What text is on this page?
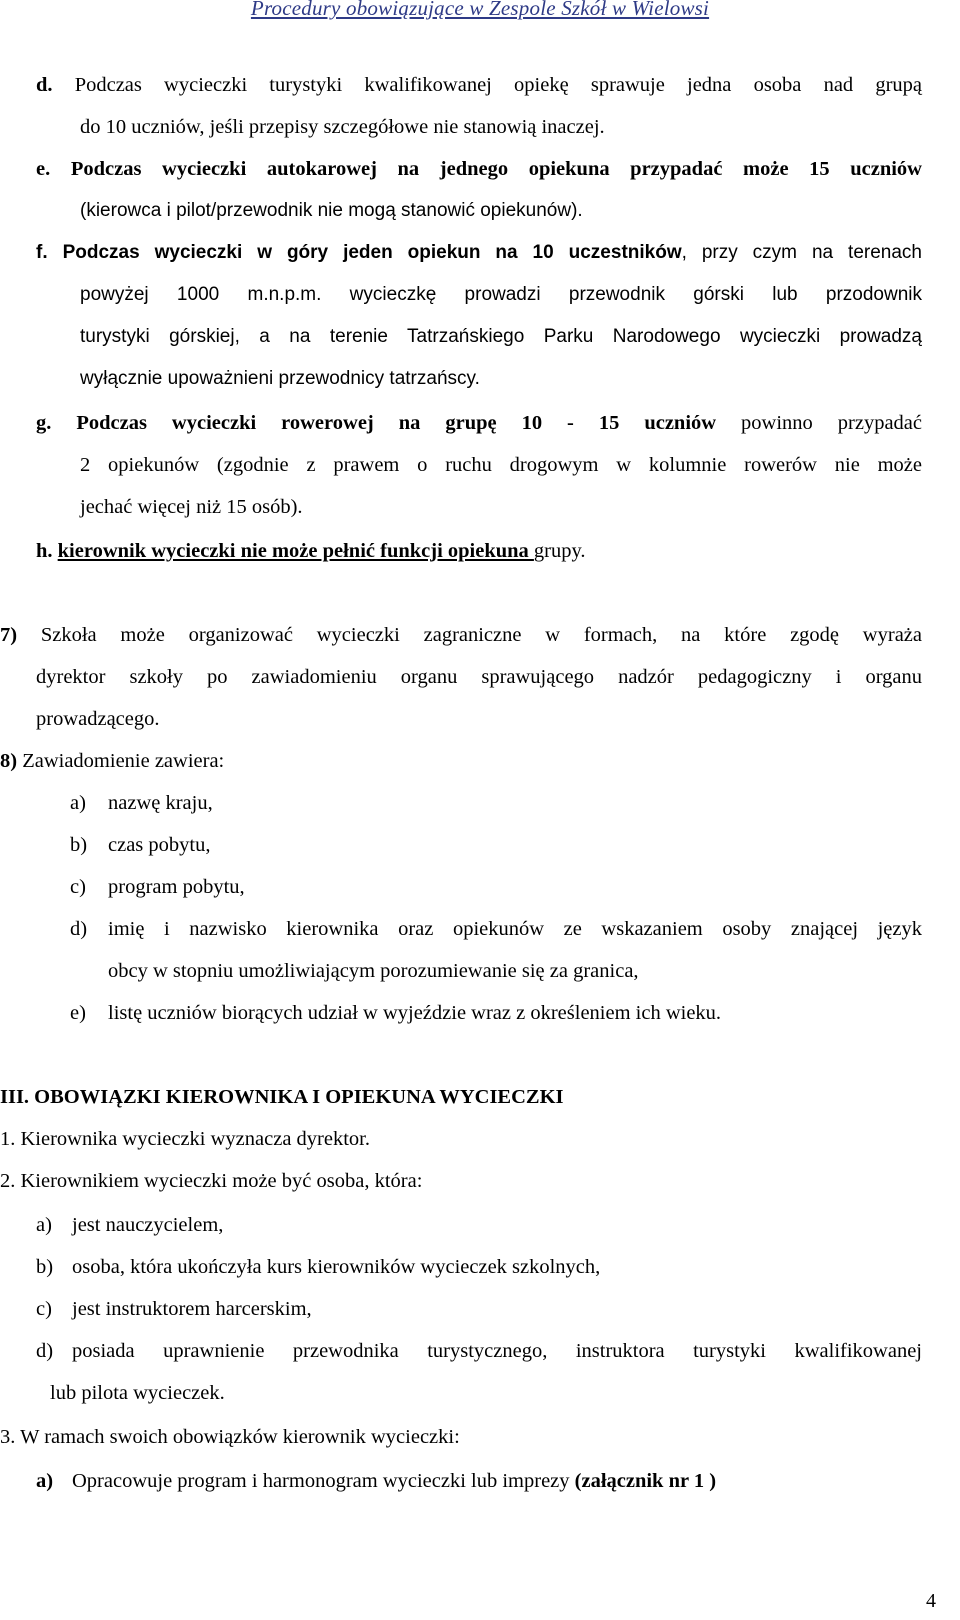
Procedury obowiązujące w Zespole Szkół w Wielowsi
d. Podczas wycieczki turystyki kwalifikowanej opiekę sprawuje jedna osoba nad grupą
do 10 uczniów, jeśli przepisy szczegółowe nie stanowią inaczej.
e. Podczas wycieczki autokarowej na jednego opiekuna przypadać może 15 uczniów
(kierowca i pilot/przewodnik nie mogą stanowić opiekunów).
f. Podczas wycieczki w góry jeden opiekun na 10 uczestników, przy czym na terenach
powyżej 1000 m.n.p.m. wycieczkę prowadzi przewodnik górski lub przodownik
turystyki górskiej, a na terenie Tatrzańskiego Parku Narodowego wycieczki prowadzą
wyłącznie upoważnieni przewodnicy tatrzańscy.
g. Podczas wycieczki rowerowej na grupę 10 - 15 uczniów powinno przypadać
2 opiekunów (zgodnie z prawem o ruchu drogowym w kolumnie rowerów nie może
jechać więcej niż 15 osób).
h. kierownik wycieczki nie może pełnić funkcji opiekuna grupy.
7) Szkoła może organizować wycieczki zagraniczne w formach, na które zgodę wyraża
dyrektor szkoły po zawiadomieniu organu sprawującego nadzór pedagogiczny i organu
prowadzącego.
8) Zawiadomienie zawiera:
a) nazwę kraju,
b) czas pobytu,
c) program pobytu,
d) imię i nazwisko kierownika oraz opiekunów ze wskazaniem osoby znającej język
obcy w stopniu umożliwiającym porozumiewanie się za granica,
e) listę uczniów biorących udział w wyjeździe wraz z określeniem ich wieku.
III. OBOWIĄZKI KIEROWNIKA I OPIEKUNA WYCIECZKI
1. Kierownika wycieczki wyznacza dyrektor.
2. Kierownikiem wycieczki może być osoba, która:
a) jest nauczycielem,
b) osoba, która ukończyła kurs kierowników wycieczek szkolnych,
c) jest instruktorem harcerskim,
d) posiada uprawnienie przewodnika turystycznego, instruktora turystyki kwalifikowanej
lub pilota wycieczek.
3. W ramach swoich obowiązków kierownik wycieczki:
a) Opracowuje program i harmonogram wycieczki lub imprezy (załącznik nr 1 )
4
